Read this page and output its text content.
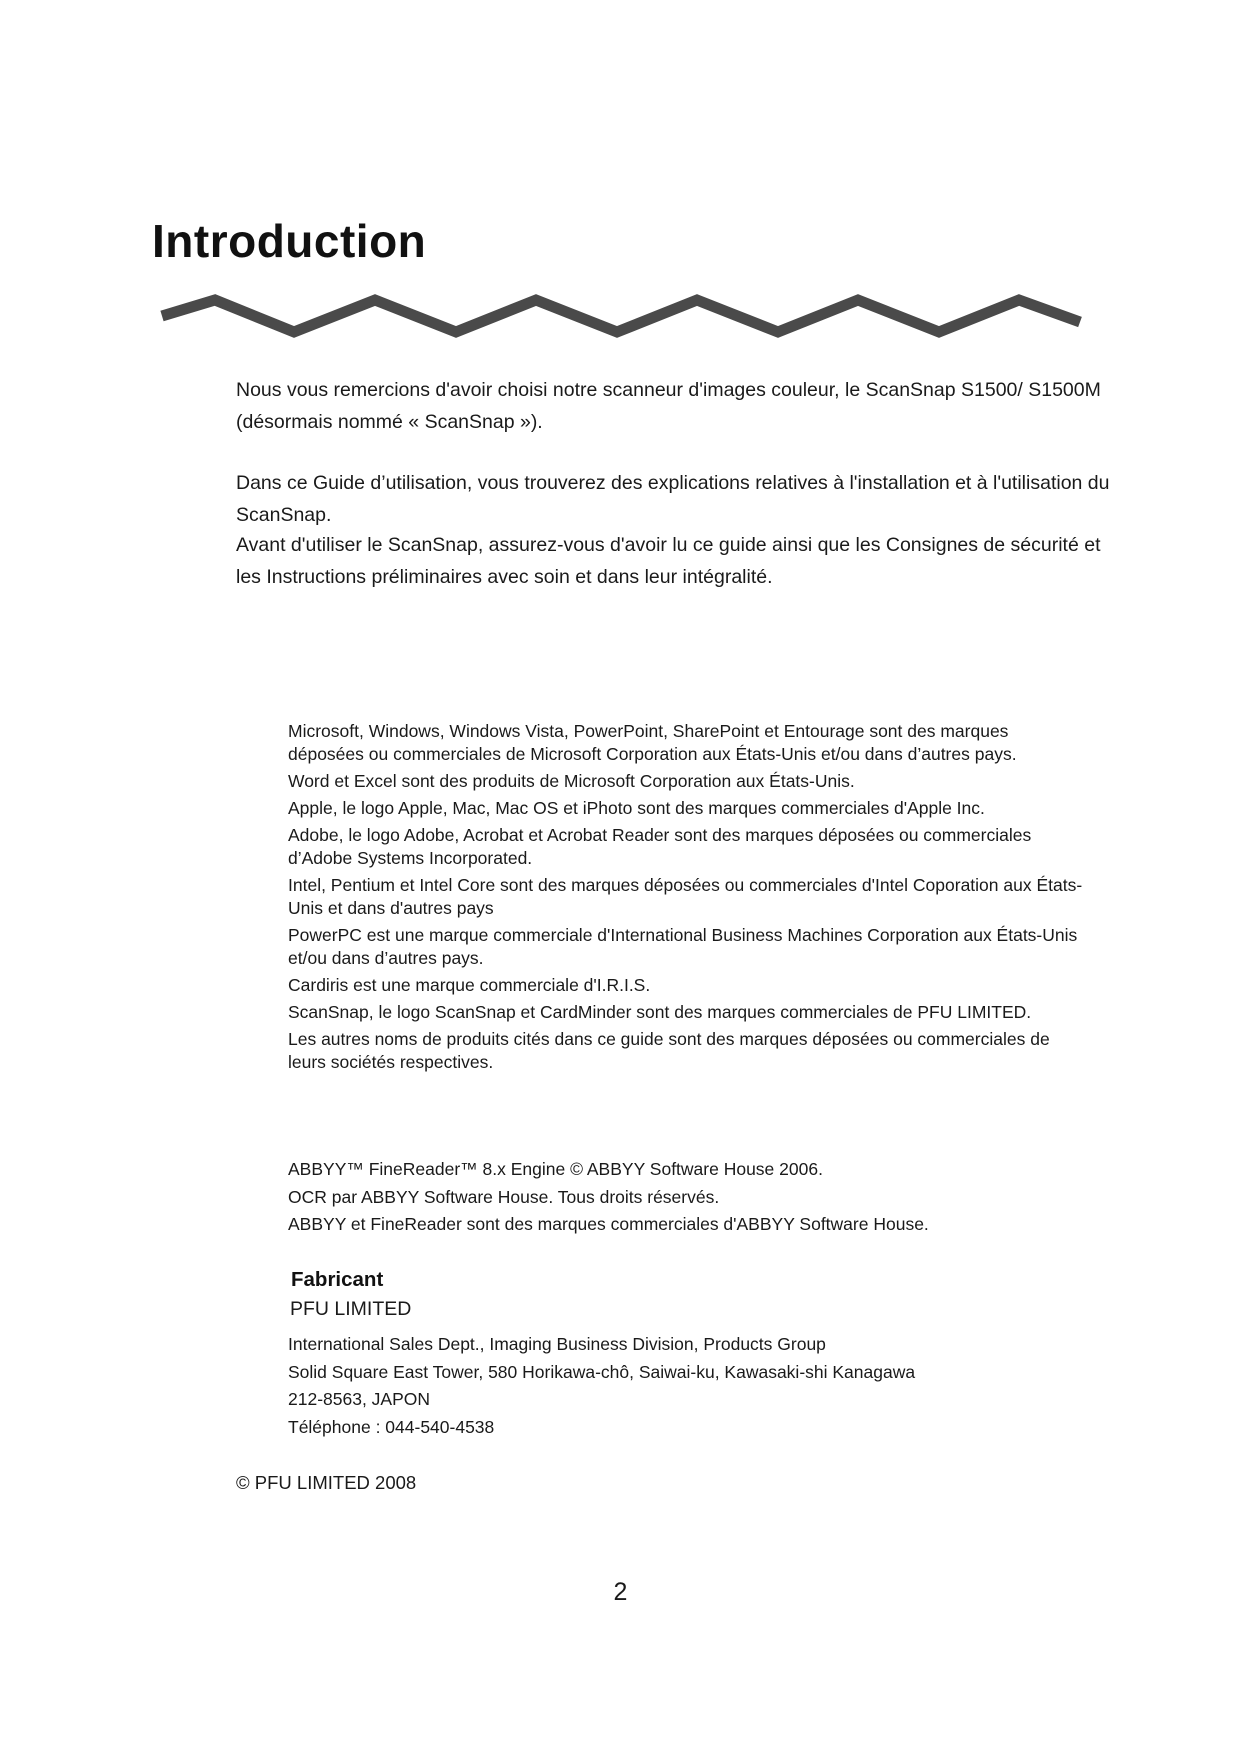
Introduction

Nous vous remercions d'avoir choisi notre scanneur d'images couleur, le ScanSnap S1500/ S1500M (désormais nommé « ScanSnap »).

Dans ce Guide d’utilisation, vous trouverez des explications relatives à l'installation et à l'utilisation du ScanSnap.

Avant d'utiliser le ScanSnap, assurez-vous d'avoir lu ce guide ainsi que les Consignes de sécurité et les Instructions préliminaires avec soin et dans leur intégralité.

Microsoft, Windows, Windows Vista, PowerPoint, SharePoint et Entourage sont des marques déposées ou commerciales de Microsoft Corporation aux États-Unis et/ou dans d’autres pays.

Word et Excel sont des produits de Microsoft Corporation aux États-Unis.

Apple, le logo Apple, Mac, Mac OS et iPhoto sont des marques commerciales d'Apple Inc.

Adobe, le logo Adobe, Acrobat et Acrobat Reader sont des marques déposées ou commerciales d’Adobe Systems Incorporated.

Intel, Pentium et Intel Core sont des marques déposées ou commerciales d'Intel Coporation aux États-Unis et dans d'autres pays

PowerPC est une marque commerciale d'International Business Machines Corporation aux États-Unis et/ou dans d’autres pays.

Cardiris est une marque commerciale d'I.R.I.S.

ScanSnap, le logo ScanSnap et CardMinder sont des marques commerciales de PFU LIMITED.

Les autres noms de produits cités dans ce guide sont des marques déposées ou commerciales de leurs sociétés respectives.

ABBYY™ FineReader™ 8.x Engine © ABBYY Software House 2006.

OCR par ABBYY Software House. Tous droits réservés.

ABBYY et FineReader sont des marques commerciales d'ABBYY Software House.

Fabricant

PFU LIMITED

International Sales Dept., Imaging Business Division, Products Group

Solid Square East Tower, 580 Horikawa-chô, Saiwai-ku, Kawasaki-shi Kanagawa

212-8563, JAPON

Téléphone : 044-540-4538

© PFU LIMITED 2008

2
